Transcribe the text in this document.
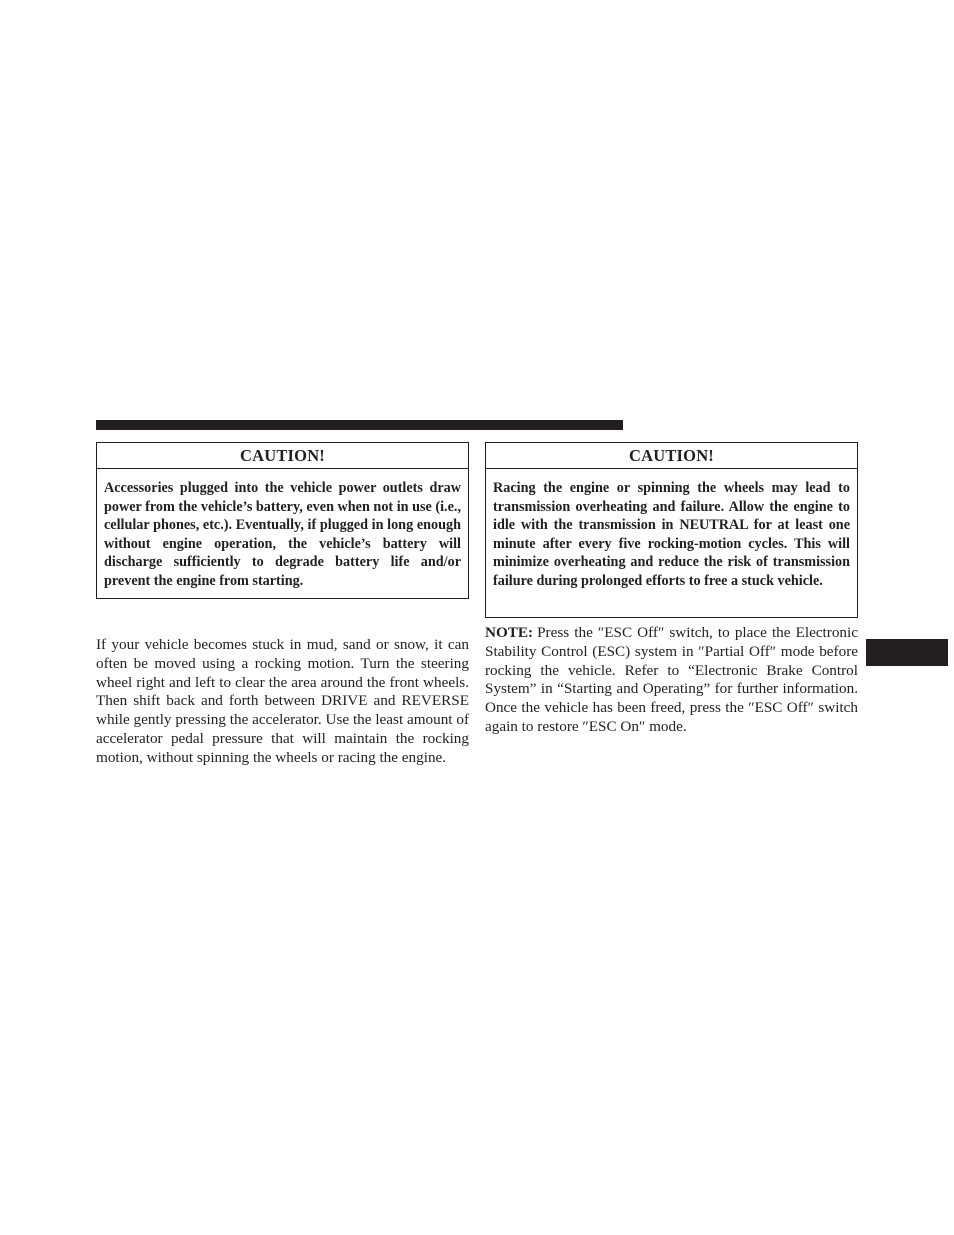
CAUTION!
Accessories plugged into the vehicle power outlets draw power from the vehicle’s battery, even when not in use (i.e., cellular phones, etc.). Eventually, if plugged in long enough without engine operation, the vehicle’s battery will discharge sufficiently to degrade battery life and/or prevent the engine from starting.
CAUTION!
Racing the engine or spinning the wheels may lead to transmission overheating and failure. Allow the engine to idle with the transmission in NEUTRAL for at least one minute after every five rocking-motion cycles. This will minimize overheating and reduce the risk of transmission failure during prolonged efforts to free a stuck vehicle.
If your vehicle becomes stuck in mud, sand or snow, it can often be moved using a rocking motion. Turn the steering wheel right and left to clear the area around the front wheels. Then shift back and forth between DRIVE and REVERSE while gently pressing the accelerator. Use the least amount of accelerator pedal pressure that will maintain the rocking motion, without spinning the wheels or racing the engine.
NOTE: Press the ″ESC Off″ switch, to place the Electronic Stability Control (ESC) system in ″Partial Off″ mode before rocking the vehicle. Refer to “Electronic Brake Control System” in “Starting and Operating” for further information. Once the vehicle has been freed, press the ″ESC Off″ switch again to restore ″ESC On″ mode.
